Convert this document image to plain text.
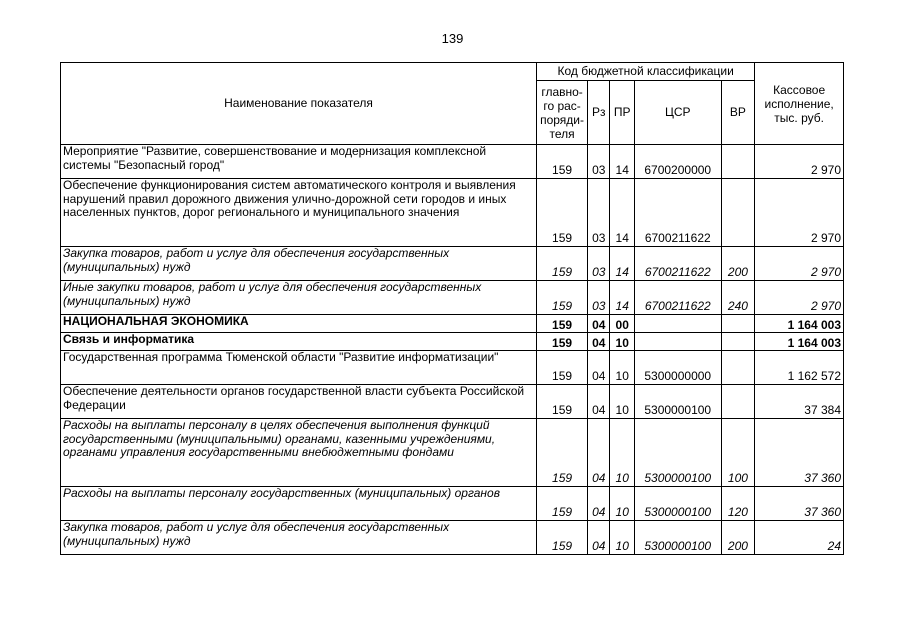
139
Наименование показателя	Код бюджетной классификации					Кассовое
исполнение,
тыс. руб.

	главно-
го рас-
поряди-
теля	Рз	ПР	ЦСР	ВР	
Мероприятие "Развитие, совершенствование и модернизация комплексной системы "Безопасный город"	159	03	14	6700200000		2 970
Обеспечение функционирования систем автоматического контроля и выявления нарушений правил дорожного движения улично-дорожной сети городов и иных населенных пунктов, дорог регионального и муниципального значения	159	03	14	6700211622		2 970
Закупка товаров, работ и услуг для обеспечения государственных (муниципальных) нужд	159	03	14	6700211622	200	2 970
Иные закупки товаров, работ и услуг для обеспечения государственных (муниципальных) нужд	159	03	14	6700211622	240	2 970
НАЦИОНАЛЬНАЯ ЭКОНОМИКА	159	04	00			1 164 003
Связь и информатика	159	04	10			1 164 003
Государственная программа Тюменской области "Развитие информатизации"	159	04	10	5300000000		1 162 572
Обеспечение деятельности органов государственной власти субъекта Российской Федерации	159	04	10	5300000100		37 384
Расходы на выплаты персоналу в целях обеспечения выполнения функций государственными (муниципальными) органами, казенными учреждениями, органами управления государственными внебюджетными фондами	159	04	10	5300000100	100	37 360
Расходы на выплаты персоналу государственных (муниципальных) органов	159	04	10	5300000100	120	37 360
Закупка товаров, работ и услуг для обеспечения государственных (муниципальных) нужд	159	04	10	5300000100	200	24
